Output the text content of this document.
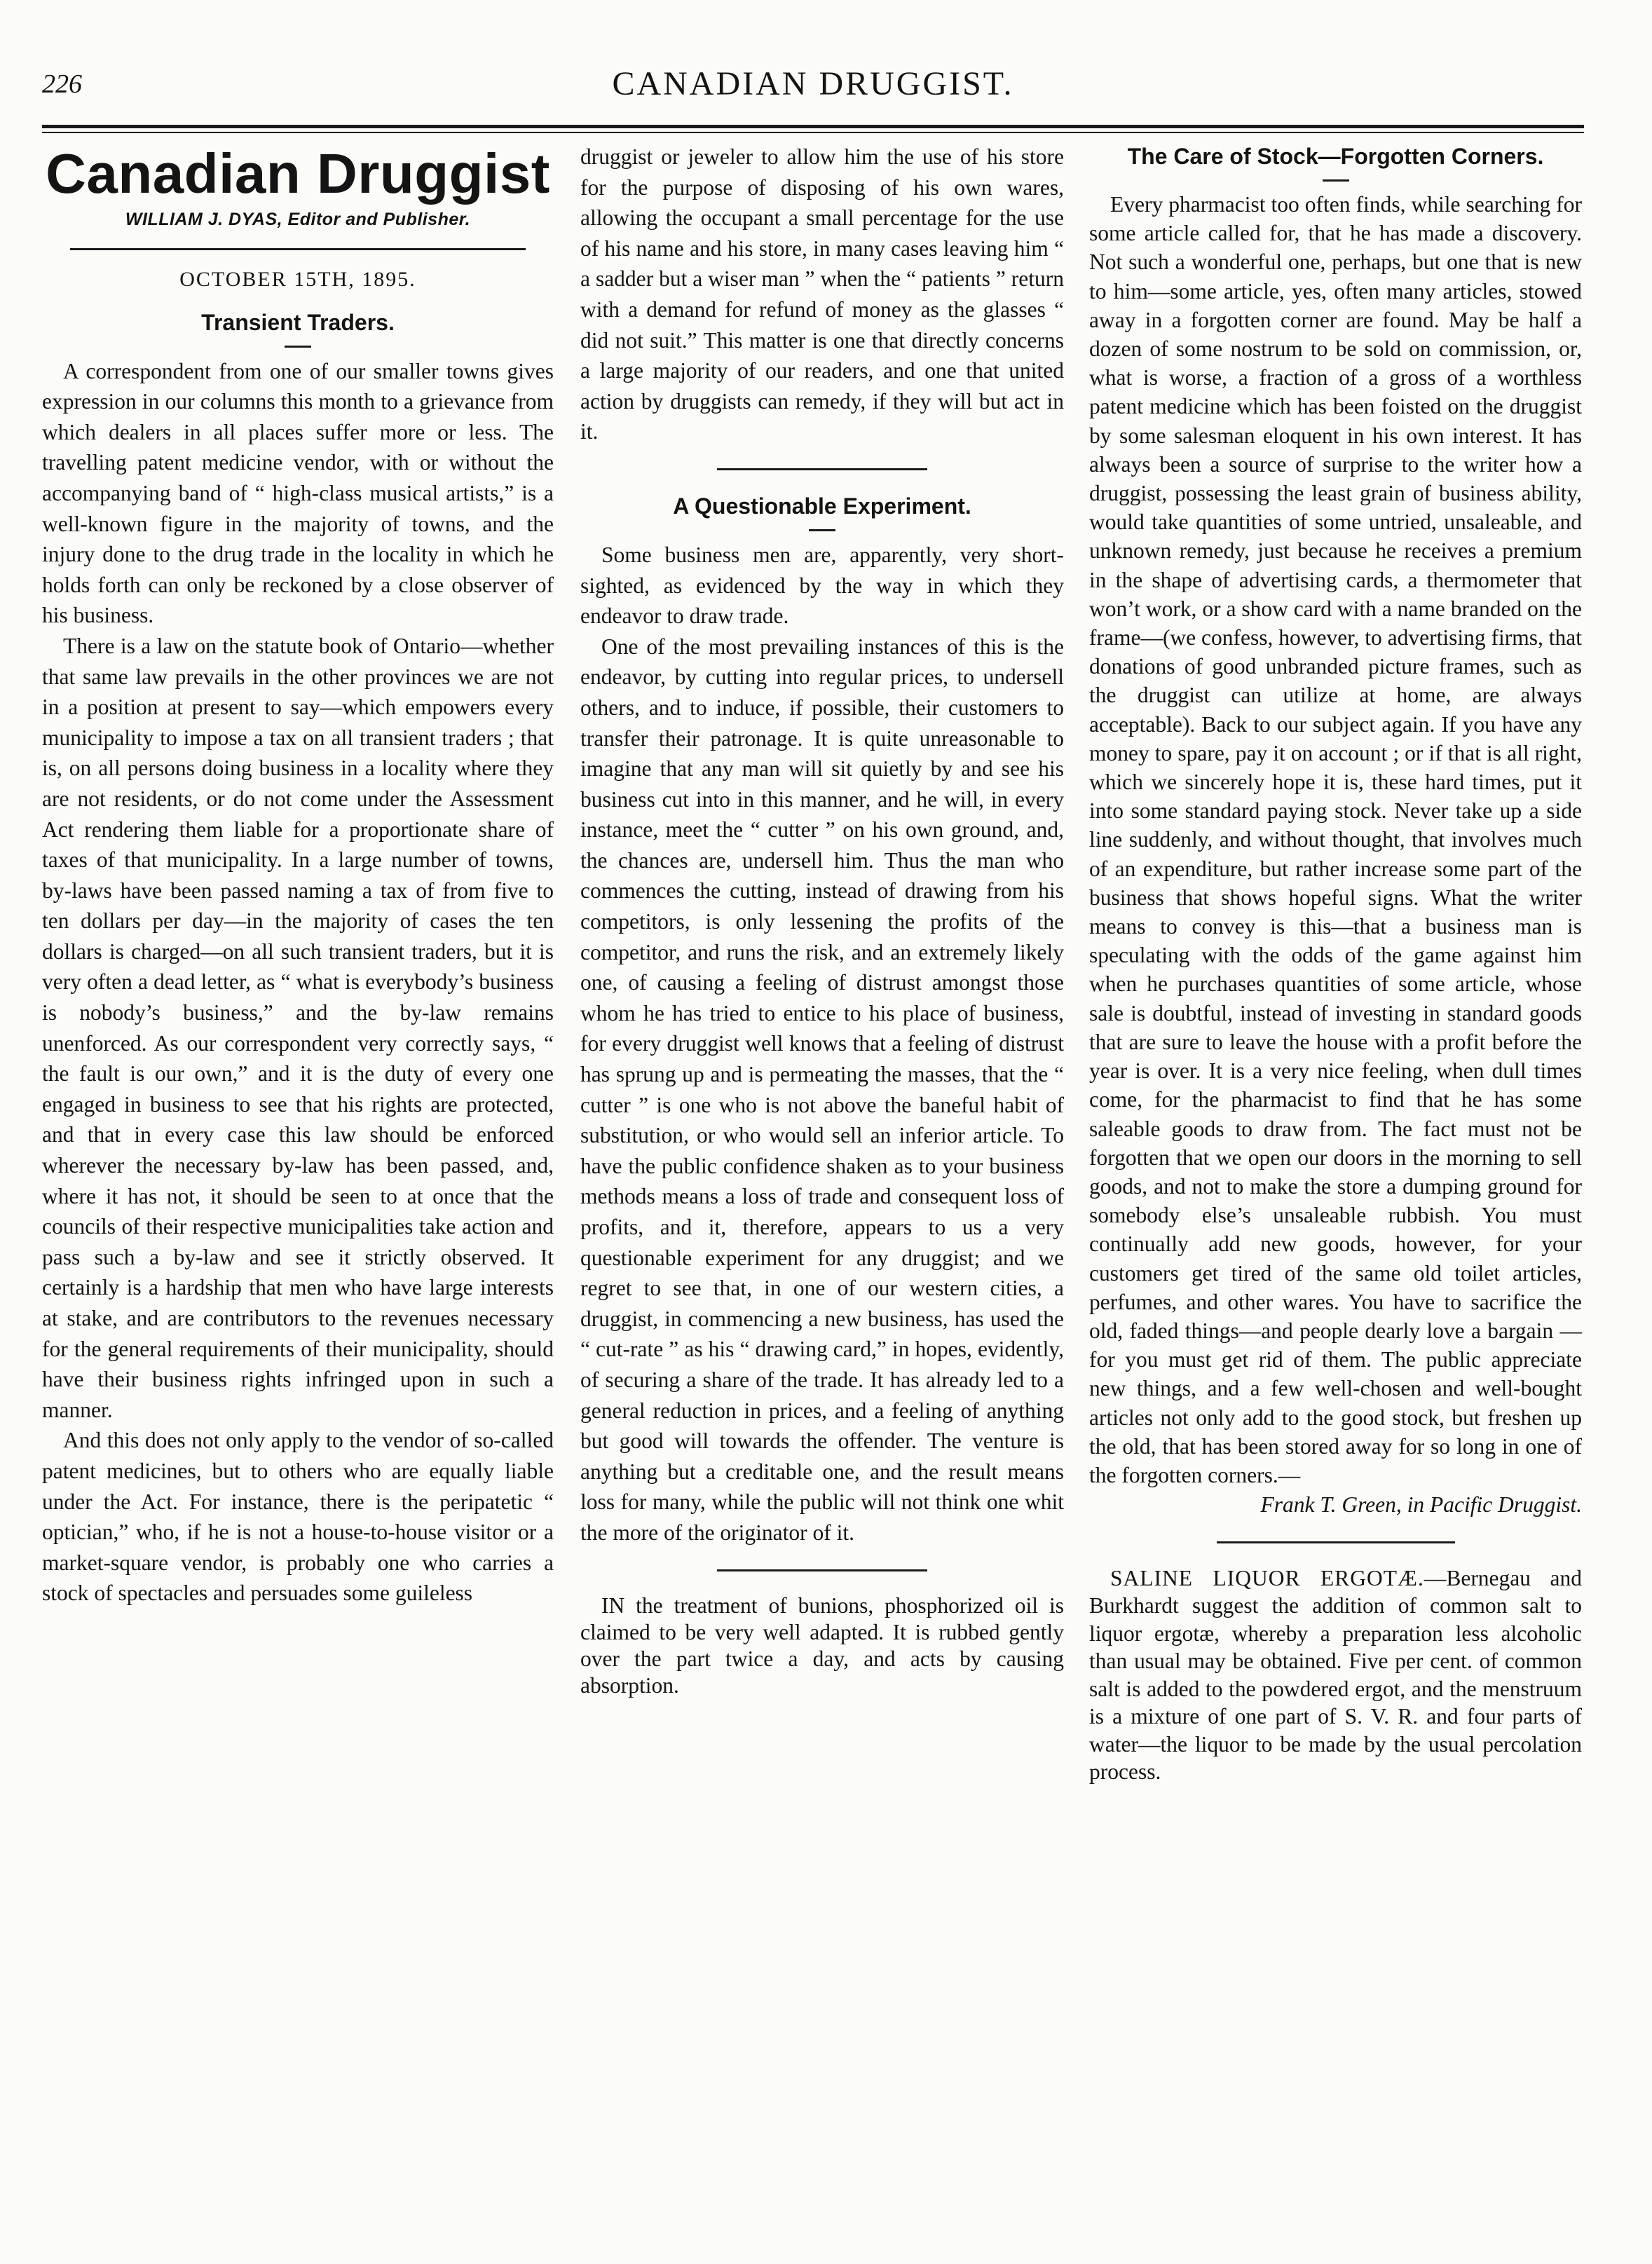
226	CANADIAN DRUGGIST.
Canadian Druggist
WILLIAM J. DYAS, Editor and Publisher.
OCTOBER 15TH, 1895.
Transient Traders.

A correspondent from one of our smaller towns gives expression in our columns this month to a grievance from which dealers in all places suffer more or less. The travelling patent medicine vendor, with or without the accompanying band of “ high-class musical artists,” is a well-known figure in the majority of towns, and the injury done to the drug trade in the locality in which he holds forth can only be reckoned by a close observer of his business.

There is a law on the statute book of Ontario—whether that same law prevails in the other provinces we are not in a position at present to say—which empowers every municipality to impose a tax on all transient traders ; that is, on all persons doing business in a locality where they are not residents, or do not come under the Assessment Act rendering them liable for a proportionate share of taxes of that municipality. In a large number of towns, by-laws have been passed naming a tax of from five to ten dollars per day—in the majority of cases the ten dollars is charged—on all such transient traders, but it is very often a dead letter, as “ what is everybody’s business is nobody’s business,” and the by-law remains unenforced. As our correspondent very correctly says, “ the fault is our own,” and it is the duty of every one engaged in business to see that his rights are protected, and that in every case this law should be enforced wherever the necessary by-law has been passed, and, where it has not, it should be seen to at once that the councils of their respective municipalities take action and pass such a by-law and see it strictly observed. It certainly is a hardship that men who have large interests at stake, and are contributors to the revenues necessary for the general requirements of their municipality, should have their business rights infringed upon in such a manner.

And this does not only apply to the vendor of so-called patent medicines, but to others who are equally liable under the Act. For instance, there is the peripatetic “ optician,” who, if he is not a house-to-house visitor or a market-square vendor, is probably one who carries a stock of spectacles and persuades some guileless

druggist or jeweler to allow him the use of his store for the purpose of disposing of his own wares, allowing the occupant a small percentage for the use of his name and his store, in many cases leaving him “ a sadder but a wiser man ” when the “ patients ” return with a demand for refund of money as the glasses “ did not suit.” This matter is one that directly concerns a large majority of our readers, and one that united action by druggists can remedy, if they will but act in it.

A Questionable Experiment.

Some business men are, apparently, very short-sighted, as evidenced by the way in which they endeavor to draw trade.

One of the most prevailing instances of this is the endeavor, by cutting into regular prices, to undersell others, and to induce, if possible, their customers to transfer their patronage. It is quite unreasonable to imagine that any man will sit quietly by and see his business cut into in this manner, and he will, in every instance, meet the “ cutter ” on his own ground, and, the chances are, undersell him. Thus the man who commences the cutting, instead of drawing from his competitors, is only lessening the profits of the competitor, and runs the risk, and an extremely likely one, of causing a feeling of distrust amongst those whom he has tried to entice to his place of business, for every druggist well knows that a feeling of distrust has sprung up and is permeating the masses, that the “ cutter ” is one who is not above the baneful habit of substitution, or who would sell an inferior article. To have the public confidence shaken as to your business methods means a loss of trade and consequent loss of profits, and it, therefore, appears to us a very questionable experiment for any druggist; and we regret to see that, in one of our western cities, a druggist, in commencing a new business, has used the “ cut-rate ” as his “ drawing card,” in hopes, evidently, of securing a share of the trade. It has already led to a general reduction in prices, and a feeling of anything but good will towards the offender. The venture is anything but a creditable one, and the result means loss for many, while the public will not think one whit the more of the originator of it.

IN the treatment of bunions, phosphorized oil is claimed to be very well adapted. It is rubbed gently over the part twice a day, and acts by causing absorption.

The Care of Stock—Forgotten Corners.

Every pharmacist too often finds, while searching for some article called for, that he has made a discovery. Not such a wonderful one, perhaps, but one that is new to him—some article, yes, often many articles, stowed away in a forgotten corner are found. May be half a dozen of some nostrum to be sold on commission, or, what is worse, a fraction of a gross of a worthless patent medicine which has been foisted on the druggist by some salesman eloquent in his own interest. It has always been a source of surprise to the writer how a druggist, possessing the least grain of business ability, would take quantities of some untried, unsaleable, and unknown remedy, just because he receives a premium in the shape of advertising cards, a thermometer that won’t work, or a show card with a name branded on the frame—(we confess, however, to advertising firms, that donations of good unbranded picture frames, such as the druggist can utilize at home, are always acceptable). Back to our subject again. If you have any money to spare, pay it on account ; or if that is all right, which we sincerely hope it is, these hard times, put it into some standard paying stock. Never take up a side line suddenly, and without thought, that involves much of an expenditure, but rather increase some part of the business that shows hopeful signs. What the writer means to convey is this—that a business man is speculating with the odds of the game against him when he purchases quantities of some article, whose sale is doubtful, instead of investing in standard goods that are sure to leave the house with a profit before the year is over. It is a very nice feeling, when dull times come, for the pharmacist to find that he has some saleable goods to draw from. The fact must not be forgotten that we open our doors in the morning to sell goods, and not to make the store a dumping ground for somebody else’s unsaleable rubbish. You must continually add new goods, however, for your customers get tired of the same old toilet articles, perfumes, and other wares. You have to sacrifice the old, faded things—and people dearly love a bargain —for you must get rid of them. The public appreciate new things, and a few well-chosen and well-bought articles not only add to the good stock, but freshen up the old, that has been stored away for so long in one of the forgotten corners.—

Frank T. Green, in Pacific Druggist.

SALINE LIQUOR ERGOTÆ.—Bernegau and Burkhardt suggest the addition of common salt to liquor ergotæ, whereby a preparation less alcoholic than usual may be obtained. Five per cent. of common salt is added to the powdered ergot, and the menstruum is a mixture of one part of S. V. R. and four parts of water—the liquor to be made by the usual percolation process.
